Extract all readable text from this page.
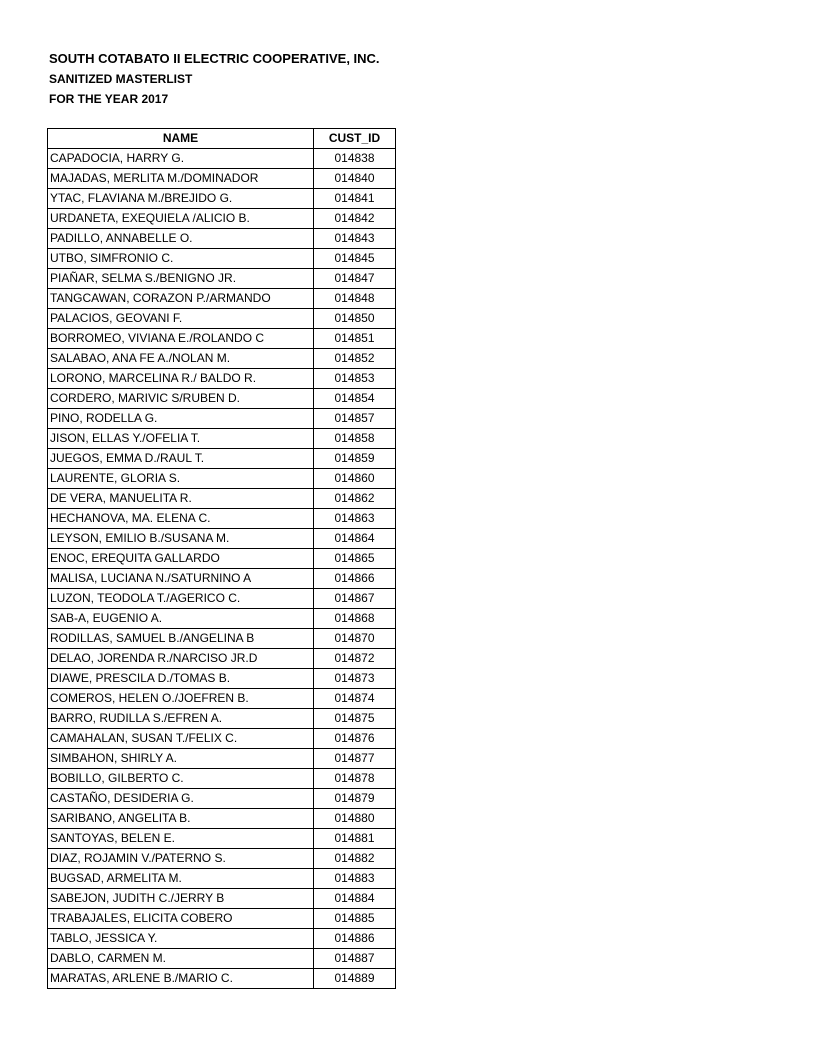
SOUTH COTABATO II ELECTRIC COOPERATIVE, INC.
SANITIZED MASTERLIST
FOR THE YEAR 2017
NAME	CUST_ID
CAPADOCIA, HARRY G.	014838
MAJADAS, MERLITA M./DOMINADOR	014840
YTAC, FLAVIANA M./BREJIDO G.	014841
URDANETA, EXEQUIELA /ALICIO B.	014842
PADILLO, ANNABELLE O.	014843
UTBO, SIMFRONIO C.	014845
PIAÑAR, SELMA S./BENIGNO JR.	014847
TANGCAWAN, CORAZON P./ARMANDO	014848
PALACIOS, GEOVANI F.	014850
BORROMEO, VIVIANA E./ROLANDO C	014851
SALABAO, ANA FE A./NOLAN M.	014852
LORONO, MARCELINA R./ BALDO R.	014853
CORDERO, MARIVIC S/RUBEN D.	014854
PINO, RODELLA G.	014857
JISON, ELLAS Y./OFELIA T.	014858
JUEGOS, EMMA D./RAUL T.	014859
LAURENTE, GLORIA S.	014860
DE VERA, MANUELITA R.	014862
HECHANOVA, MA. ELENA C.	014863
LEYSON, EMILIO B./SUSANA M.	014864
ENOC, EREQUITA GALLARDO	014865
MALISA, LUCIANA N./SATURNINO A	014866
LUZON, TEODOLA T./AGERICO C.	014867
SAB-A, EUGENIO A.	014868
RODILLAS, SAMUEL B./ANGELINA B	014870
DELAO, JORENDA R./NARCISO JR.D	014872
DIAWE, PRESCILA D./TOMAS B.	014873
COMEROS, HELEN O./JOEFREN B.	014874
BARRO, RUDILLA S./EFREN A.	014875
CAMAHALAN, SUSAN T./FELIX C.	014876
SIMBAHON, SHIRLY A.	014877
BOBILLO, GILBERTO C.	014878
CASTAÑO, DESIDERIA G.	014879
SARIBANO, ANGELITA B.	014880
SANTOYAS, BELEN E.	014881
DIAZ, ROJAMIN V./PATERNO S.	014882
BUGSAD, ARMELITA M.	014883
SABEJON, JUDITH C./JERRY B	014884
TRABAJALES, ELICITA COBERO	014885
TABLO, JESSICA Y.	014886
DABLO, CARMEN M.	014887
MARATAS, ARLENE B./MARIO C.	014889
